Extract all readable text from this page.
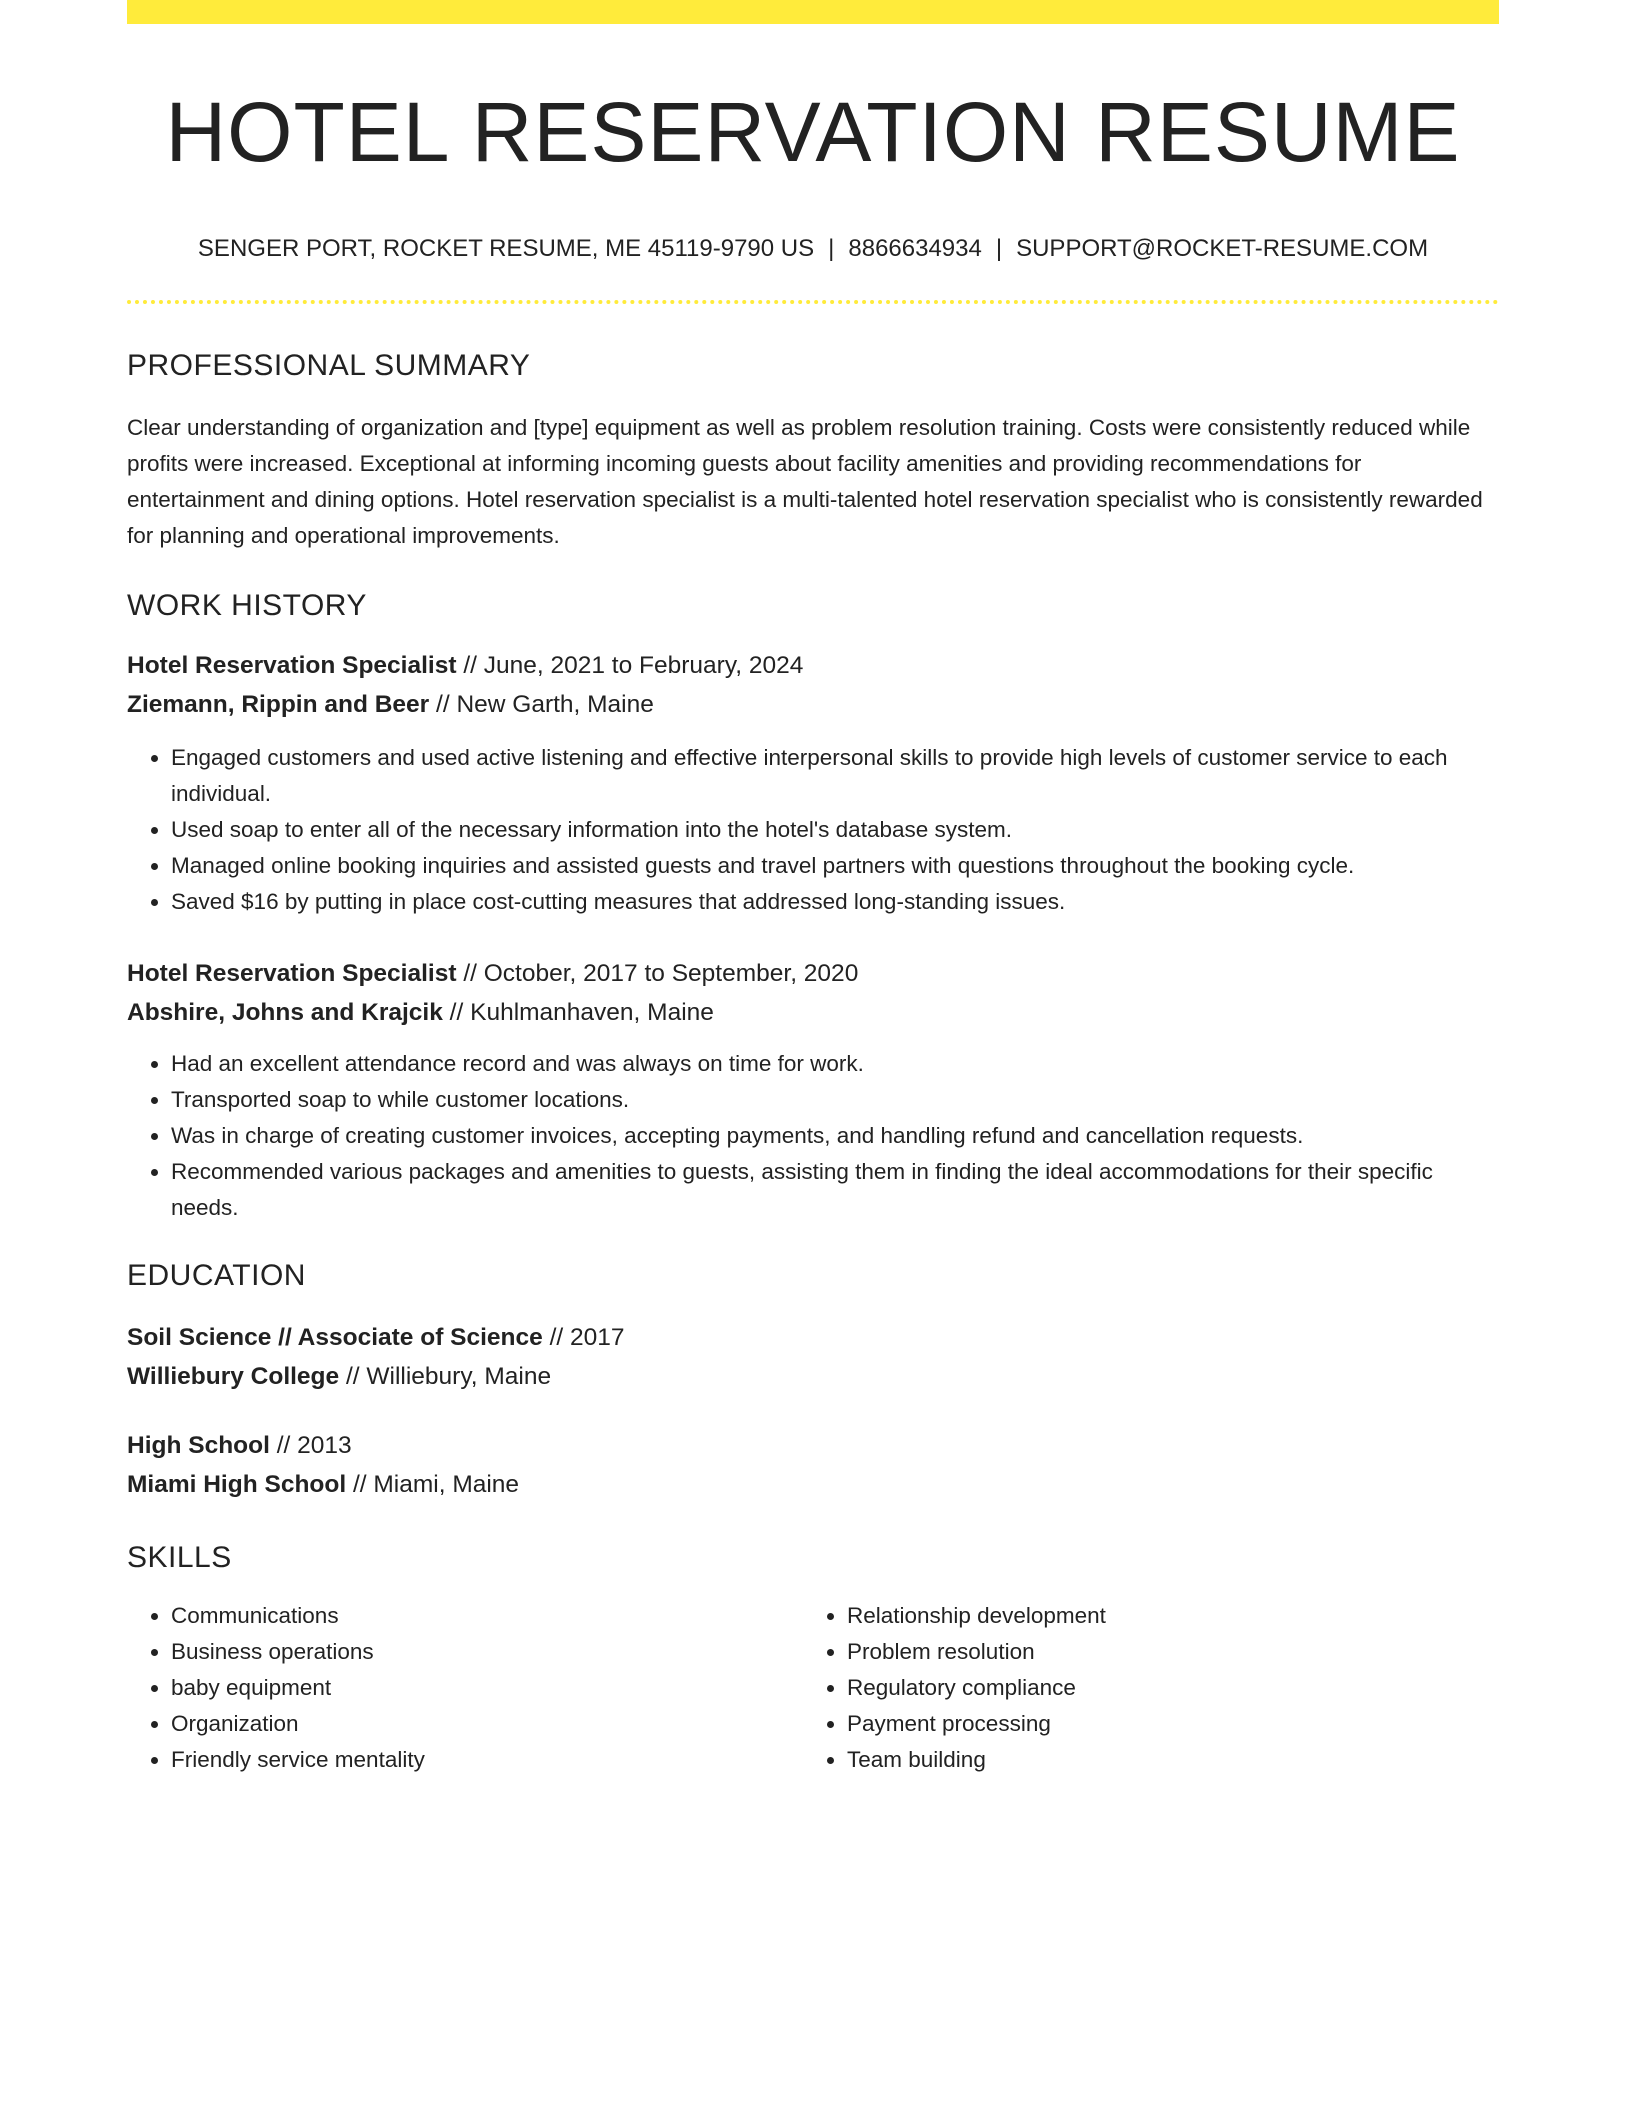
HOTEL RESERVATION RESUME
SENGER PORT, ROCKET RESUME, ME 45119-9790 US | 8866634934 | SUPPORT@ROCKET-RESUME.COM
PROFESSIONAL SUMMARY

Clear understanding of organization and [type] equipment as well as problem resolution training. Costs were consistently reduced while profits were increased. Exceptional at informing incoming guests about facility amenities and providing recommendations for entertainment and dining options. Hotel reservation specialist is a multi-talented hotel reservation specialist who is consistently rewarded for planning and operational improvements.

WORK HISTORY
Hotel Reservation Specialist // June, 2021 to February, 2024
Ziemann, Rippin and Beer // New Garth, Maine
• Engaged customers and used active listening and effective interpersonal skills to provide high levels of customer service to each individual.
• Used soap to enter all of the necessary information into the hotel's database system.
• Managed online booking inquiries and assisted guests and travel partners with questions throughout the booking cycle.
• Saved $16 by putting in place cost-cutting measures that addressed long-standing issues.
Hotel Reservation Specialist // October, 2017 to September, 2020
Abshire, Johns and Krajcik // Kuhlmanhaven, Maine
• Had an excellent attendance record and was always on time for work.
• Transported soap to while customer locations.
• Was in charge of creating customer invoices, accepting payments, and handling refund and cancellation requests.
• Recommended various packages and amenities to guests, assisting them in finding the ideal accommodations for their specific needs.
EDUCATION
Soil Science // Associate of Science // 2017
Williebury College // Williebury, Maine
High School // 2013
Miami High School // Miami, Maine
SKILLS
• Communications
• Business operations
• baby equipment
• Organization
• Friendly service mentality
• Relationship development
• Problem resolution
• Regulatory compliance
• Payment processing
• Team building
